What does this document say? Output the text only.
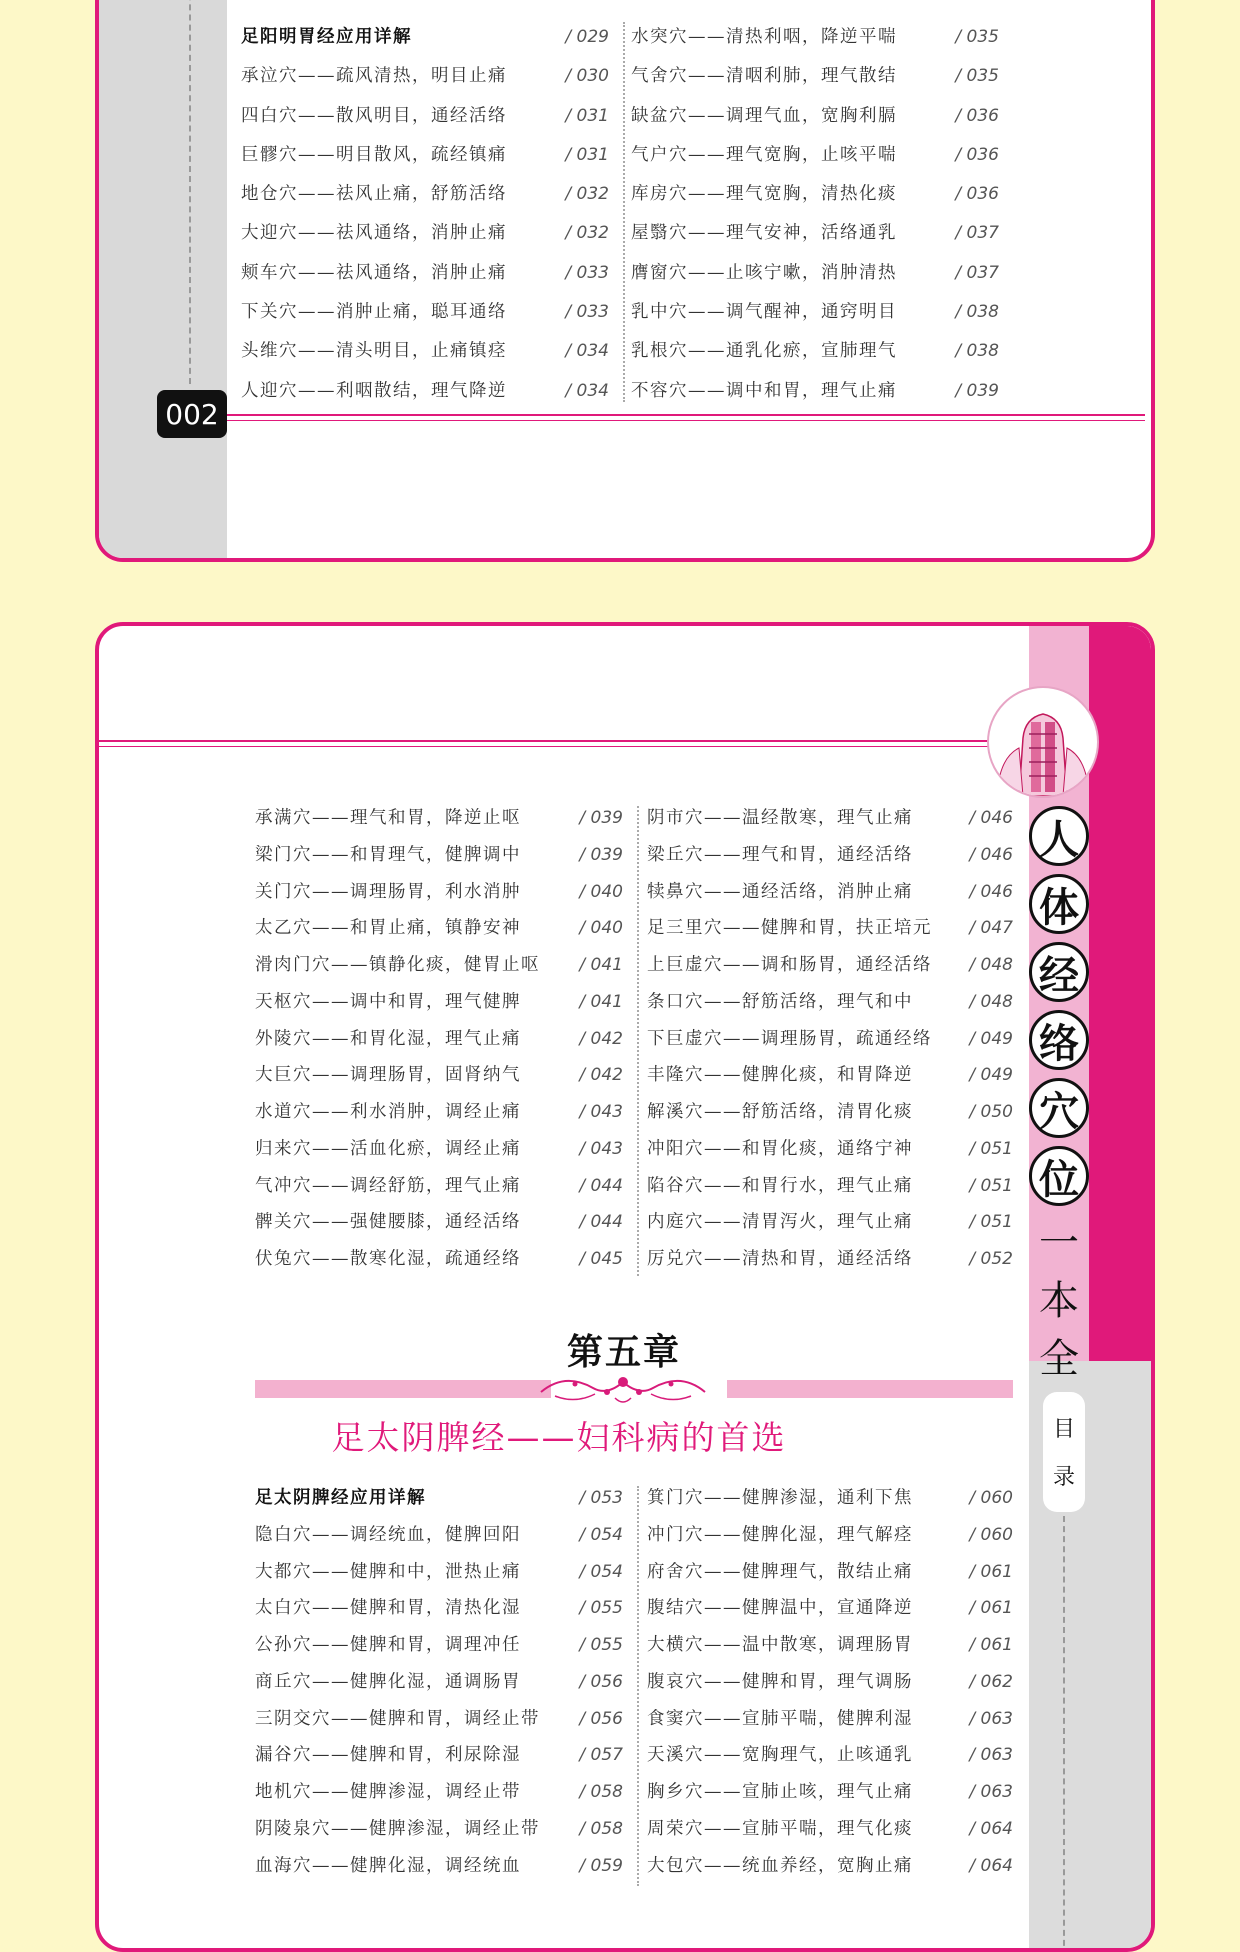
002
足阳明胃经应用详解	/ 029
承泣穴——疏风清热，明目止痛	/ 030
四白穴——散风明目，通经活络	/ 031
巨髎穴——明目散风，疏经镇痛	/ 031
地仓穴——祛风止痛，舒筋活络	/ 032
大迎穴——祛风通络，消肿止痛	/ 032
颊车穴——祛风通络，消肿止痛	/ 033
下关穴——消肿止痛，聪耳通络	/ 033
头维穴——清头明目，止痛镇痉	/ 034
人迎穴——利咽散结，理气降逆	/ 034
水突穴——清热利咽，降逆平喘	/ 035
气舍穴——清咽利肺，理气散结	/ 035
缺盆穴——调理气血，宽胸利膈	/ 036
气户穴——理气宽胸，止咳平喘	/ 036
库房穴——理气宽胸，清热化痰	/ 036
屋翳穴——理气安神，活络通乳	/ 037
膺窗穴——止咳宁嗽，消肿清热	/ 037
乳中穴——调气醒神，通窍明目	/ 038
乳根穴——通乳化瘀，宣肺理气	/ 038
不容穴——调中和胃，理气止痛	/ 039
人
体
经
络
穴
位
一
本
全
目
录
承满穴——理气和胃，降逆止呕	/ 039
梁门穴——和胃理气，健脾调中	/ 039
关门穴——调理肠胃，利水消肿	/ 040
太乙穴——和胃止痛，镇静安神	/ 040
滑肉门穴——镇静化痰，健胃止呕 / 041
天枢穴——调中和胃，理气健脾	/ 041
外陵穴——和胃化湿，理气止痛	/ 042
大巨穴——调理肠胃，固肾纳气	/ 042
水道穴——利水消肿，调经止痛	/ 043
归来穴——活血化瘀，调经止痛	/ 043
气冲穴——调经舒筋，理气止痛	/ 044
髀关穴——强健腰膝，通经活络	/ 044
伏兔穴——散寒化湿，疏通经络	/ 045
阴市穴——温经散寒，理气止痛	/ 046
梁丘穴——理气和胃，通经活络	/ 046
犊鼻穴——通经活络，消肿止痛	/ 046
足三里穴——健脾和胃，扶正培元 / 047
上巨虚穴——调和肠胃，通经活络 / 048
条口穴——舒筋活络，理气和中	/ 048
下巨虚穴——调理肠胃，疏通经络 / 049
丰隆穴——健脾化痰，和胃降逆	/ 049
解溪穴——舒筋活络，清胃化痰	/ 050
冲阳穴——和胃化痰，通络宁神	/ 051
陷谷穴——和胃行水，理气止痛	/ 051
内庭穴——清胃泻火，理气止痛	/ 051
厉兑穴——清热和胃，通经活络	/ 052
第五章
足太阴脾经——妇科病的首选
足太阴脾经应用详解	/ 053
隐白穴——调经统血，健脾回阳	/ 054
大都穴——健脾和中，泄热止痛	/ 054
太白穴——健脾和胃，清热化湿	/ 055
公孙穴——健脾和胃，调理冲任	/ 055
商丘穴——健脾化湿，通调肠胃	/ 056
三阴交穴——健脾和胃，调经止带 / 056
漏谷穴——健脾和胃，利尿除湿	/ 057
地机穴——健脾渗湿，调经止带	/ 058
阴陵泉穴——健脾渗湿，调经止带 / 058
血海穴——健脾化湿，调经统血	/ 059
箕门穴——健脾渗湿，通利下焦	/ 060
冲门穴——健脾化湿，理气解痉	/ 060
府舍穴——健脾理气，散结止痛	/ 061
腹结穴——健脾温中，宣通降逆	/ 061
大横穴——温中散寒，调理肠胃	/ 061
腹哀穴——健脾和胃，理气调肠	/ 062
食窦穴——宣肺平喘，健脾利湿	/ 063
天溪穴——宽胸理气，止咳通乳	/ 063
胸乡穴——宣肺止咳，理气止痛	/ 063
周荣穴——宣肺平喘，理气化痰	/ 064
大包穴——统血养经，宽胸止痛	/ 064
